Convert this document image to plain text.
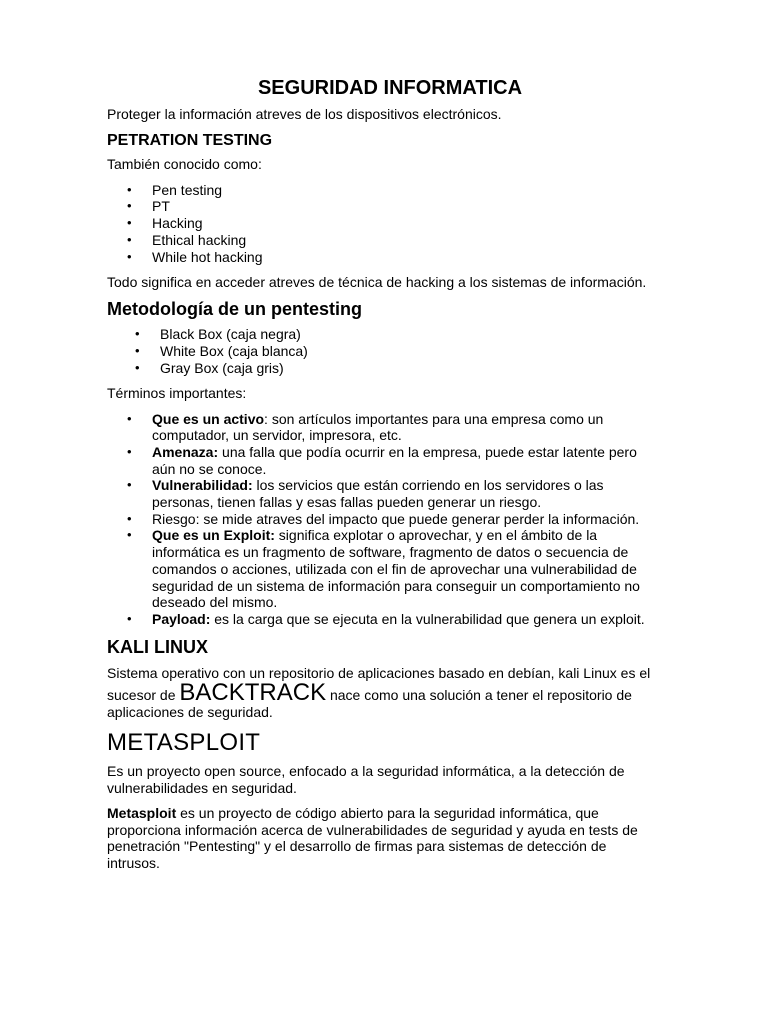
SEGURIDAD INFORMATICA

Proteger la información atreves de los dispositivos electrónicos.

PETRATION TESTING

También conocido como:

• Pen testing
• PT
• Hacking
• Ethical hacking
• While hot hacking

Todo significa en acceder atreves de técnica de hacking a los sistemas de información.

Metodología de un pentesting
• Black Box (caja negra)
• White Box (caja blanca)
• Gray Box (caja gris)

Términos importantes:

• Que es un activo: son artículos importantes para una empresa como un computador, un servidor, impresora, etc.
• Amenaza: una falla que podía ocurrir en la empresa, puede estar latente pero aún no se conoce.
• Vulnerabilidad: los servicios que están corriendo en los servidores o las personas, tienen fallas y esas fallas pueden generar un riesgo.
• Riesgo: se mide atraves del impacto que puede generar perder la información.
• Que es un Exploit: significa explotar o aprovechar, y en el ámbito de la informática es un fragmento de software, fragmento de datos o secuencia de comandos o acciones, utilizada con el fin de aprovechar una vulnerabilidad de seguridad de un sistema de información para conseguir un comportamiento no deseado del mismo.
• Payload: es la carga que se ejecuta en la vulnerabilidad que genera un exploit.
KALI LINUX

Sistema operativo con un repositorio de aplicaciones basado en debían, kali Linux es el sucesor de BACKTRACK nace como una solución a tener el repositorio de aplicaciones de seguridad.

METASPLOIT

Es un proyecto open source, enfocado a la seguridad informática, a la detección de vulnerabilidades en seguridad.

Metasploit es un proyecto de código abierto para la seguridad informática, que proporciona información acerca de vulnerabilidades de seguridad y ayuda en tests de penetración "Pentesting" y el desarrollo de firmas para sistemas de detección de intrusos.
